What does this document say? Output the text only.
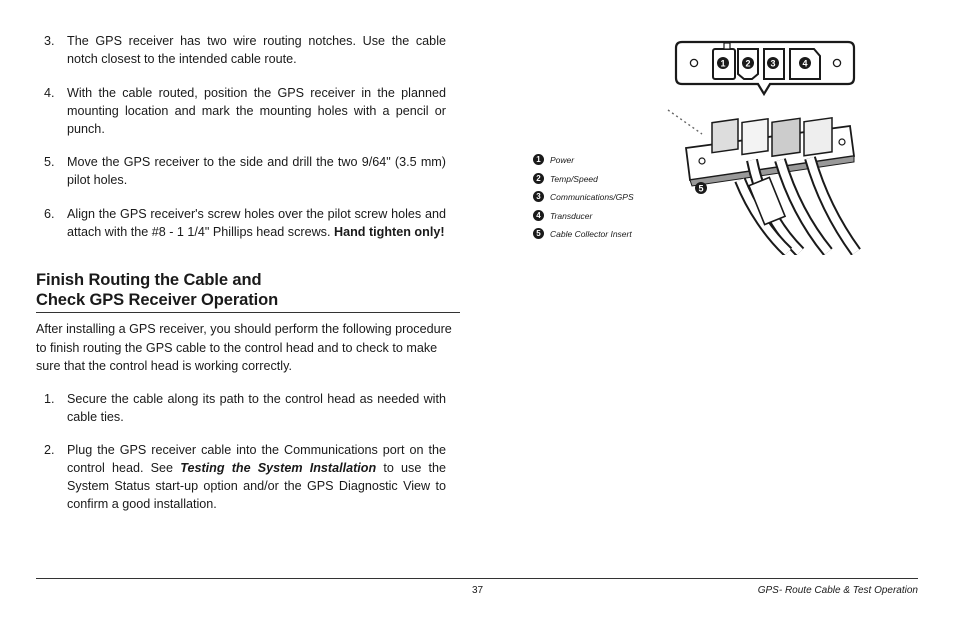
3. The GPS receiver has two wire routing notches. Use the cable notch closest to the intended cable route.
4. With the cable routed, position the GPS receiver in the planned mounting location and mark the mounting holes with a pencil or punch.
5. Move the GPS receiver to the side and drill the two 9/64" (3.5 mm) pilot holes.
6. Align the GPS receiver's screw holes over the pilot screw holes and attach with the #8 - 1 1/4" Phillips head screws. Hand tighten only!
Finish Routing the Cable and
Check GPS Receiver Operation
After installing a GPS receiver, you should perform the following procedure to finish routing the GPS cable to the control head and to check to make sure that the control head is working correctly.
1. Secure the cable along its path to the control head as needed with cable ties.
2. Plug the GPS receiver cable into the Communications port on the control head. See Testing the System Installation to use the System Status start-up option and/or the GPS Diagnostic View to confirm a good installation.
1	Power
2	Temp/Speed
3	Communications/GPS
4	Transducer
5	Cable Collector Insert
1 2 3	4
5
37	GPS- Route Cable & Test Operation
